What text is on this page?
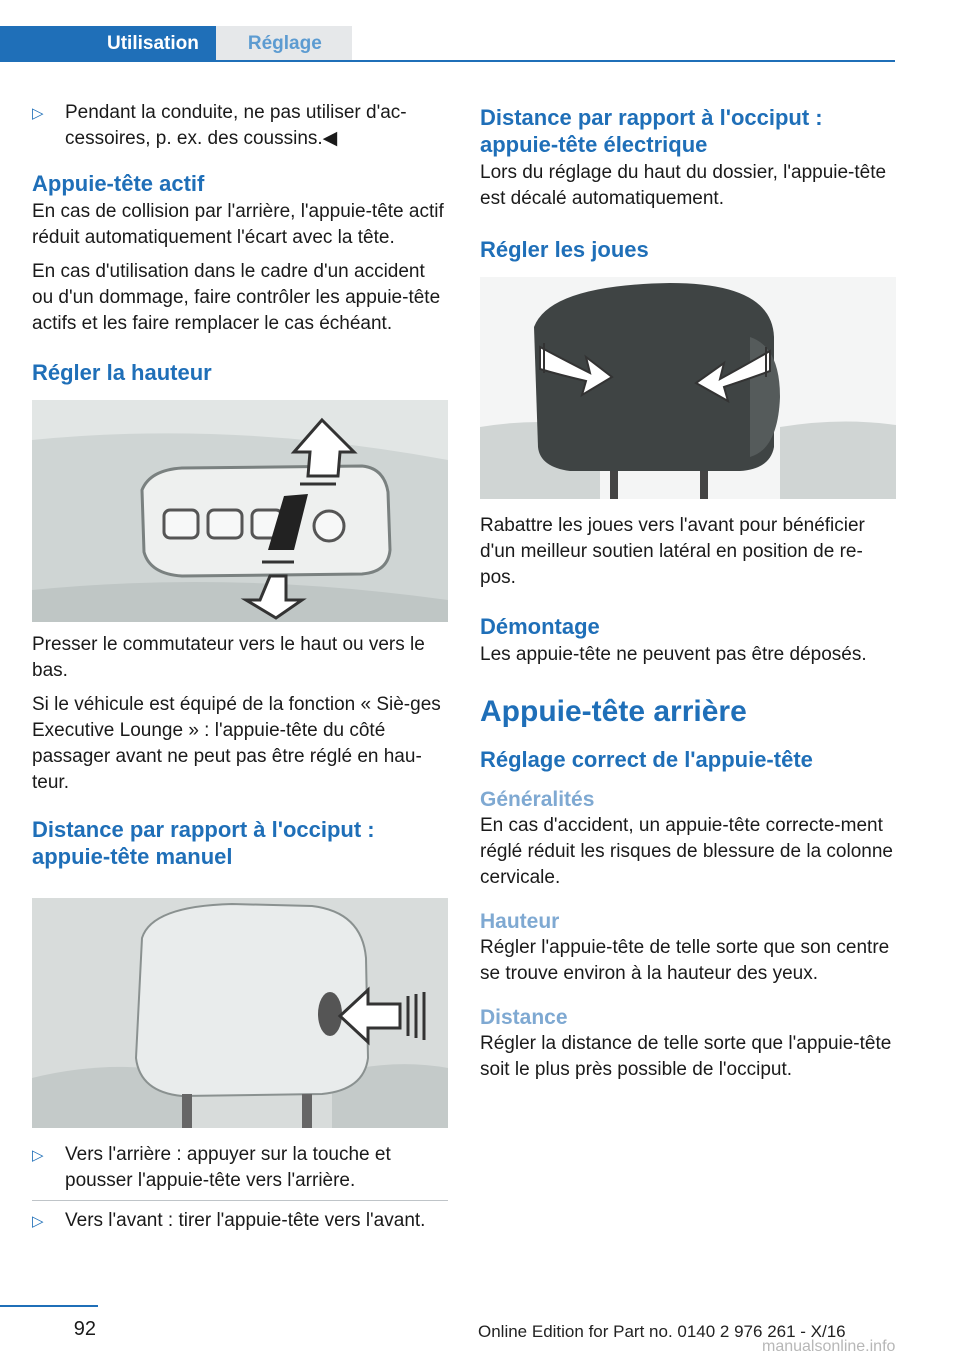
Utilisation	Réglage
▷	Pendant la conduite, ne pas utiliser d'ac-cessoires, p. ex. des coussins.◀
Appuie-tête actif

En cas de collision par l'arrière, l'appuie-tête actif réduit automatiquement l'écart avec la tête.

En cas d'utilisation dans le cadre d'un accident ou d'un dommage, faire contrôler les appuie-tête actifs et les faire remplacer le cas échéant.

Régler la hauteur

Presser le commutateur vers le haut ou vers le bas.

Si le véhicule est équipé de la fonction « Siè-ges Executive Lounge » : l'appuie-tête du côté passager avant ne peut pas être réglé en hau-teur.

Distance par rapport à l'occiput : appuie-tête manuel
▷	Vers l'arrière : appuyer sur la touche et pousser l'appuie-tête vers l'arrière.
▷	Vers l'avant : tirer l'appuie-tête vers l'avant.
Distance par rapport à l'occiput : appuie-tête électrique

Lors du réglage du haut du dossier, l'appuie-tête est décalé automatiquement.

Régler les joues

Rabattre les joues vers l'avant pour bénéficier d'un meilleur soutien latéral en position de re-pos.

Démontage

Les appuie-tête ne peuvent pas être déposés.

Appuie-tête arrière
Réglage correct de l'appuie-tête
Généralités

En cas d'accident, un appuie-tête correcte-ment réglé réduit les risques de blessure de la colonne cervicale.

Hauteur

Régler l'appuie-tête de telle sorte que son centre se trouve environ à la hauteur des yeux.

Distance

Régler la distance de telle sorte que l'appuie-tête soit le plus près possible de l'occiput.

92	Online Edition for Part no. 0140 2 976 261 - X/16
manualsonline.info
